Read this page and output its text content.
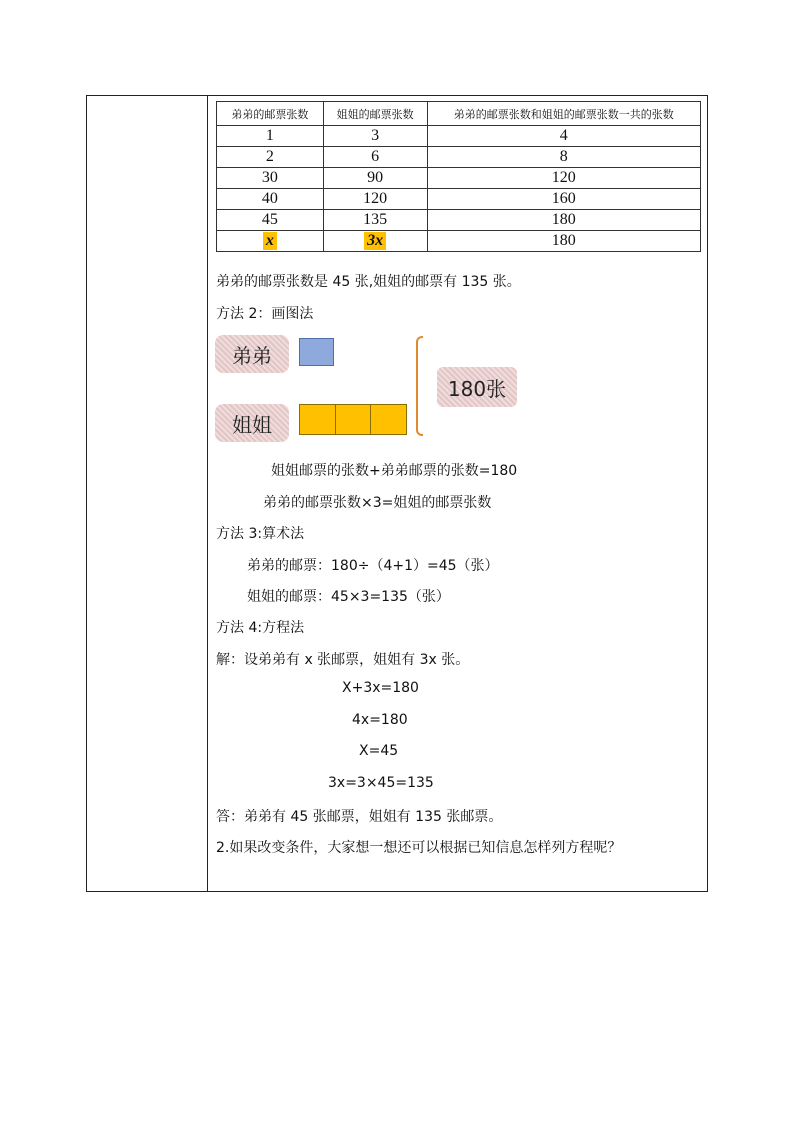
弟弟的邮票张数	姐姐的邮票张数	弟弟的邮票张数和姐姐的邮票张数一共的张数
1	3	4
2	6	8
30	90	120
40	120	160
45	135	180
x	3x	180
弟弟的邮票张数是 45 张,姐姐的邮票有 135 张。
方法 2：画图法
弟弟
姐姐
180张
姐姐邮票的张数+弟弟邮票的张数=180
弟弟的邮票张数×3=姐姐的邮票张数
方法 3:算术法
弟弟的邮票：180÷（4+1）=45（张）
姐姐的邮票：45×3=135（张）
方法 4:方程法
解：设弟弟有 x 张邮票，姐姐有 3x 张。
X+3x=180
4x=180
X=45
3x=3×45=135
答：弟弟有 45 张邮票，姐姐有 135 张邮票。
2.如果改变条件，大家想一想还可以根据已知信息怎样列方程呢？
